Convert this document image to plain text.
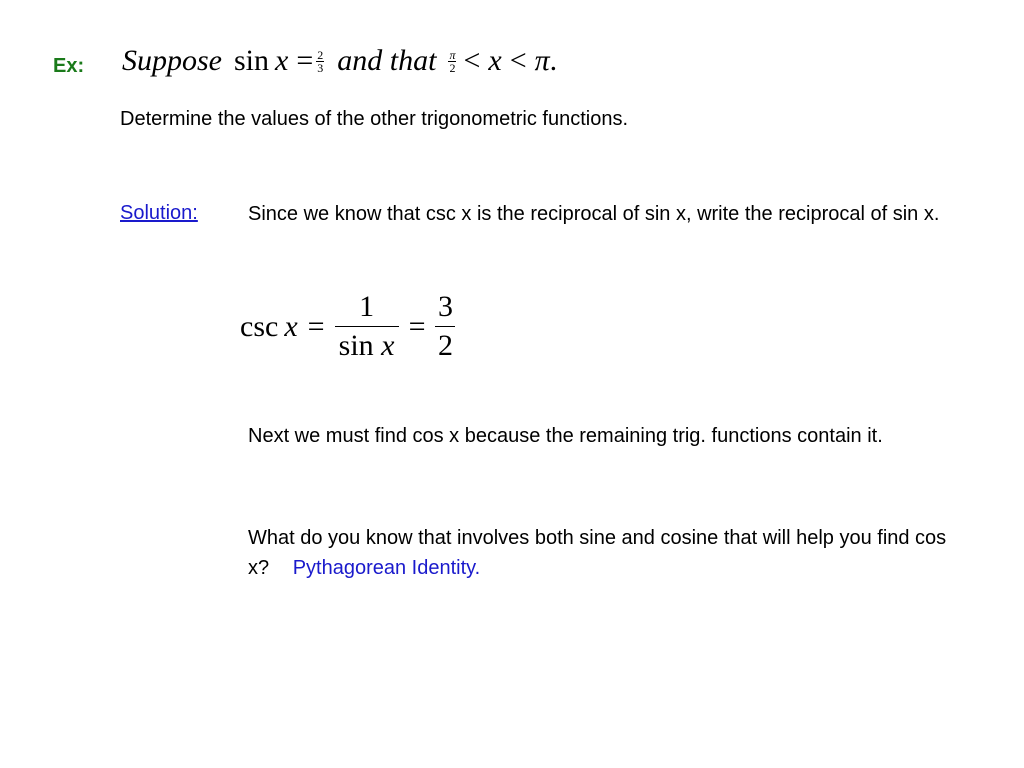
Ex: Suppose $\sin x = \frac{2}{3}$ and that $\frac{\pi}{2} < x < \pi$ .
Determine the values of the other trigonometric functions.
Solution:	Since we know that csc x is the reciprocal of sin x, write the reciprocal of sin x.
$\csc x = \frac{1}{\text{sin x}} = \frac{3}{2}$
Next we must find cos x because the remaining trig. functions contain it.
What do you know that involves both sine and cosine that will help you find cos x? Pythagorean Identity.
